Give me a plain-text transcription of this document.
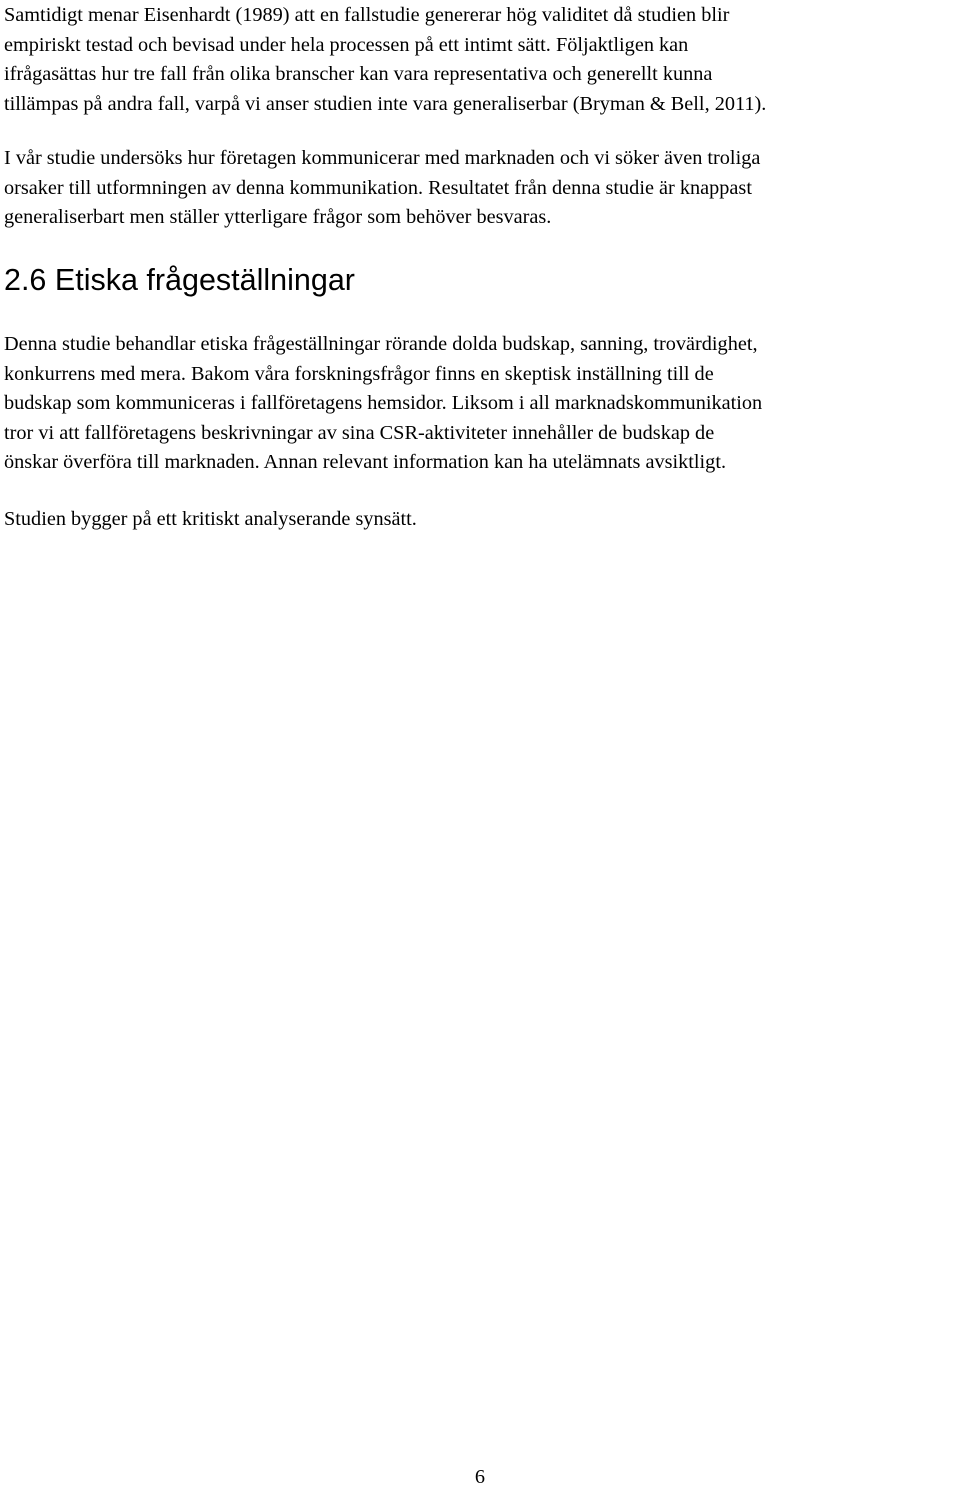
Samtidigt menar Eisenhardt (1989) att en fallstudie genererar hög validitet då studien blir
empiriskt testad och bevisad under hela processen på ett intimt sätt. Följaktligen kan
ifrågasättas hur tre fall från olika branscher kan vara representativa och generellt kunna
tillämpas på andra fall, varpå vi anser studien inte vara generaliserbar (Bryman & Bell, 2011).

I vår studie undersöks hur företagen kommunicerar med marknaden och vi söker även troliga
orsaker till utformningen av denna kommunikation. Resultatet från denna studie är knappast
generaliserbart men ställer ytterligare frågor som behöver besvaras.

2.6 Etiska frågeställningar

Denna studie behandlar etiska frågeställningar rörande dolda budskap, sanning, trovärdighet,
konkurrens med mera. Bakom våra forskningsfrågor finns en skeptisk inställning till de
budskap som kommuniceras i fallföretagens hemsidor. Liksom i all marknadskommunikation
tror vi att fallföretagens beskrivningar av sina CSR-aktiviteter innehåller de budskap de
önskar överföra till marknaden. Annan relevant information kan ha utelämnats avsiktligt.

Studien bygger på ett kritiskt analyserande synsätt.

6
